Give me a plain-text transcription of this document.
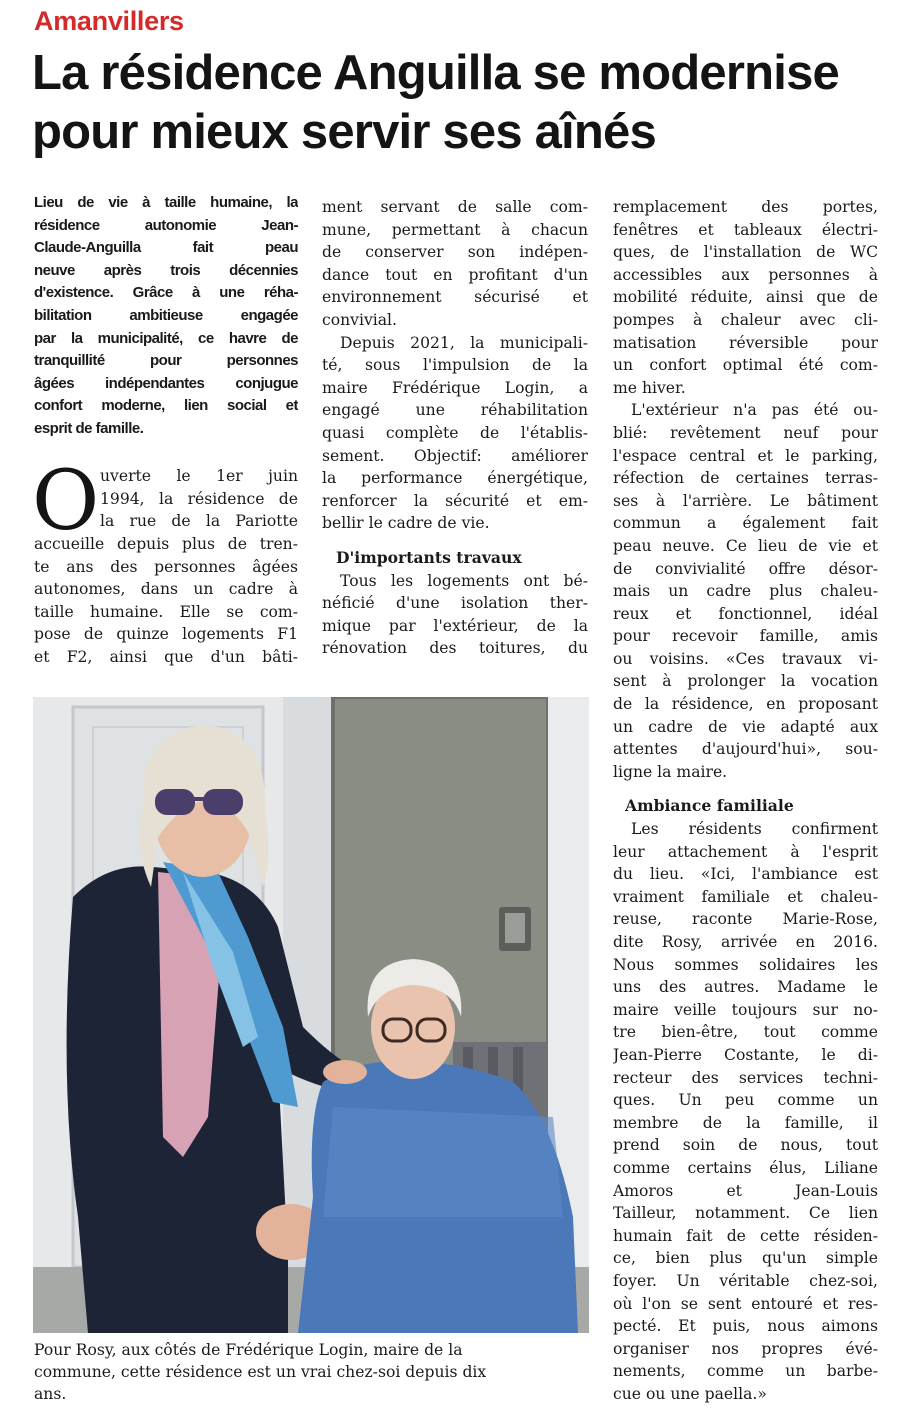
Amanvillers
La résidence Anguilla se modernise
pour mieux servir ses aînés
Lieu de vie à taille humaine, la
résidence autonomie Jean-
Claude-Anguilla fait peau
neuve après trois décennies
d'existence. Grâce à une réha-
bilitation ambitieuse engagée
par la municipalité, ce havre de
tranquillité pour personnes
âgées indépendantes conjugue
confort moderne, lien social et
esprit de famille.
O uverte le 1er juin
1994, la résidence de
la rue de la Pariotte
accueille depuis plus de tren-
te ans des personnes âgées
autonomes, dans un cadre à
taille humaine. Elle se com-
pose de quinze logements F1
et F2, ainsi que d'un bâti-
ment servant de salle com-
mune, permettant à chacun
de conserver son indépen-
dance tout en profitant d'un
environnement sécurisé et
convivial.
Depuis 2021, la municipali-
té, sous l'impulsion de la
maire Frédérique Login, a
engagé une réhabilitation
quasi complète de l'établis-
sement. Objectif: améliorer
la performance énergétique,
renforcer la sécurité et em-
bellir le cadre de vie.
D'importants travaux
Tous les logements ont bé-
néficié d'une isolation ther-
mique par l'extérieur, de la
rénovation des toitures, du
remplacement des portes,
fenêtres et tableaux électri-
ques, de l'installation de WC
accessibles aux personnes à
mobilité réduite, ainsi que de
pompes à chaleur avec cli-
matisation réversible pour
un confort optimal été com-
me hiver.
L'extérieur n'a pas été ou-
blié: revêtement neuf pour
l'espace central et le parking,
réfection de certaines terras-
ses à l'arrière. Le bâtiment
commun a également fait
peau neuve. Ce lieu de vie et
de convivialité offre désor-
mais un cadre plus chaleu-
reux et fonctionnel, idéal
pour recevoir famille, amis
ou voisins. «Ces travaux vi-
sent à prolonger la vocation
de la résidence, en proposant
un cadre de vie adapté aux
attentes d'aujourd'hui», sou-
ligne la maire.
Ambiance familiale
Les résidents confirment
leur attachement à l'esprit
du lieu. «Ici, l'ambiance est
vraiment familiale et chaleu-
reuse, raconte Marie-Rose,
dite Rosy, arrivée en 2016.
Nous sommes solidaires les
uns des autres. Madame le
maire veille toujours sur no-
tre bien-être, tout comme
Jean-Pierre Costante, le di-
recteur des services techni-
ques. Un peu comme un
membre de la famille, il
prend soin de nous, tout
comme certains élus, Liliane
Amoros et Jean-Louis
Tailleur, notamment. Ce lien
humain fait de cette résiden-
ce, bien plus qu'un simple
foyer. Un véritable chez-soi,
où l'on se sent entouré et res-
pecté. Et puis, nous aimons
organiser nos propres évé-
nements, comme un barbe-
cue ou une paella.»
Pour Rosy, aux côtés de Frédérique Login, maire de la
commune, cette résidence est un vrai chez-soi depuis dix
ans.
